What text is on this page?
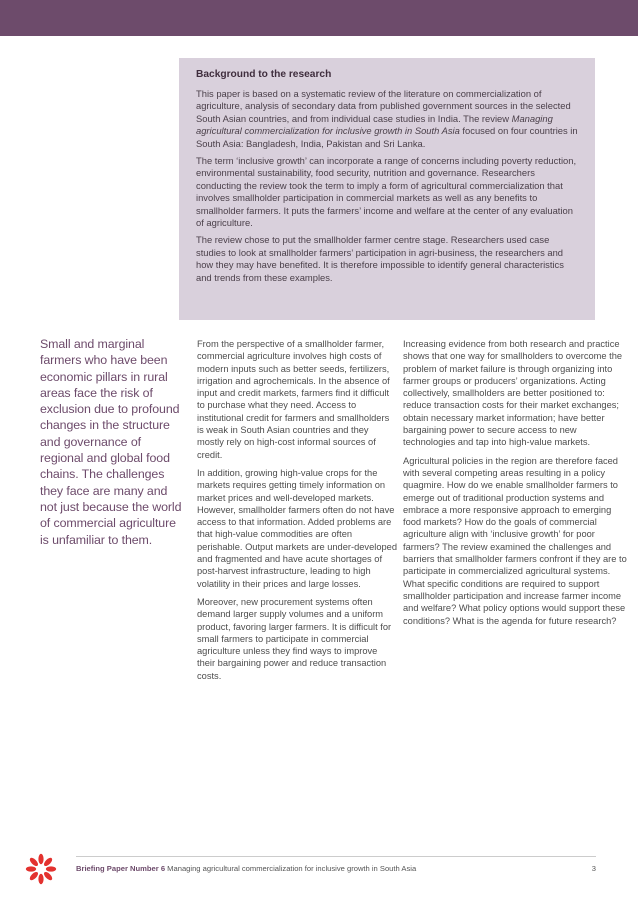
Background to the research

This paper is based on a systematic review of the literature on commercialization of agriculture, analysis of secondary data from published government sources in the selected South Asian countries, and from individual case studies in India. The review Managing agricultural commercialization for inclusive growth in South Asia focused on four countries in South Asia: Bangladesh, India, Pakistan and Sri Lanka.

The term ‘inclusive growth’ can incorporate a range of concerns including poverty reduction, environmental sustainability, food security, nutrition and governance. Researchers conducting the review took the term to imply a form of agricultural commercialization that involves smallholder participation in commercial markets as well as any benefits to smallholder farmers. It puts the farmers’ income and welfare at the center of any evaluation of agriculture.

The review chose to put the smallholder farmer centre stage. Researchers used case studies to look at smallholder farmers’ participation in agri-business, the researchers and how they may have benefited. It is therefore impossible to identify general characteristics and trends from these examples.

Small and marginal farmers who have been economic pillars in rural areas face the risk of exclusion due to profound changes in the structure and governance of regional and global food chains. The challenges they face are many and not just because the world of commercial agriculture is unfamiliar to them.

From the perspective of a smallholder farmer, commercial agriculture involves high costs of modern inputs such as better seeds, fertilizers, irrigation and agrochemicals. In the absence of input and credit markets, farmers find it difficult to purchase what they need. Access to institutional credit for farmers and smallholders is weak in South Asian countries and they mostly rely on high-cost informal sources of credit.

In addition, growing high-value crops for the markets requires getting timely information on market prices and well-developed markets. However, smallholder farmers often do not have access to that information. Added problems are that high-value commodities are often perishable. Output markets are under-developed and fragmented and have acute shortages of post-harvest infrastructure, leading to high volatility in their prices and large losses.

Moreover, new procurement systems often demand larger supply volumes and a uniform product, favoring larger farmers. It is difficult for small farmers to participate in commercial agriculture unless they find ways to improve their bargaining power and reduce transaction costs.

Increasing evidence from both research and practice shows that one way for smallholders to overcome the problem of market failure is through organizing into farmer groups or producers’ organizations. Acting collectively, smallholders are better positioned to: reduce transaction costs for their market exchanges; obtain necessary market information; have better bargaining power to secure access to new technologies and tap into high-value markets.

Agricultural policies in the region are therefore faced with several competing areas resulting in a policy quagmire. How do we enable smallholder farmers to emerge out of traditional production systems and embrace a more responsive approach to emerging food markets? How do the goals of commercial agriculture align with ‘inclusive growth’ for poor farmers? The review examined the challenges and barriers that smallholder farmers confront if they are to participate in commercialized agricultural systems. What specific conditions are required to support smallholder participation and increase farmer income and welfare? What policy options would support these conditions? What is the agenda for future research?

Briefing Paper Number 6 Managing agricultural commercialization for inclusive growth in South Asia	3
